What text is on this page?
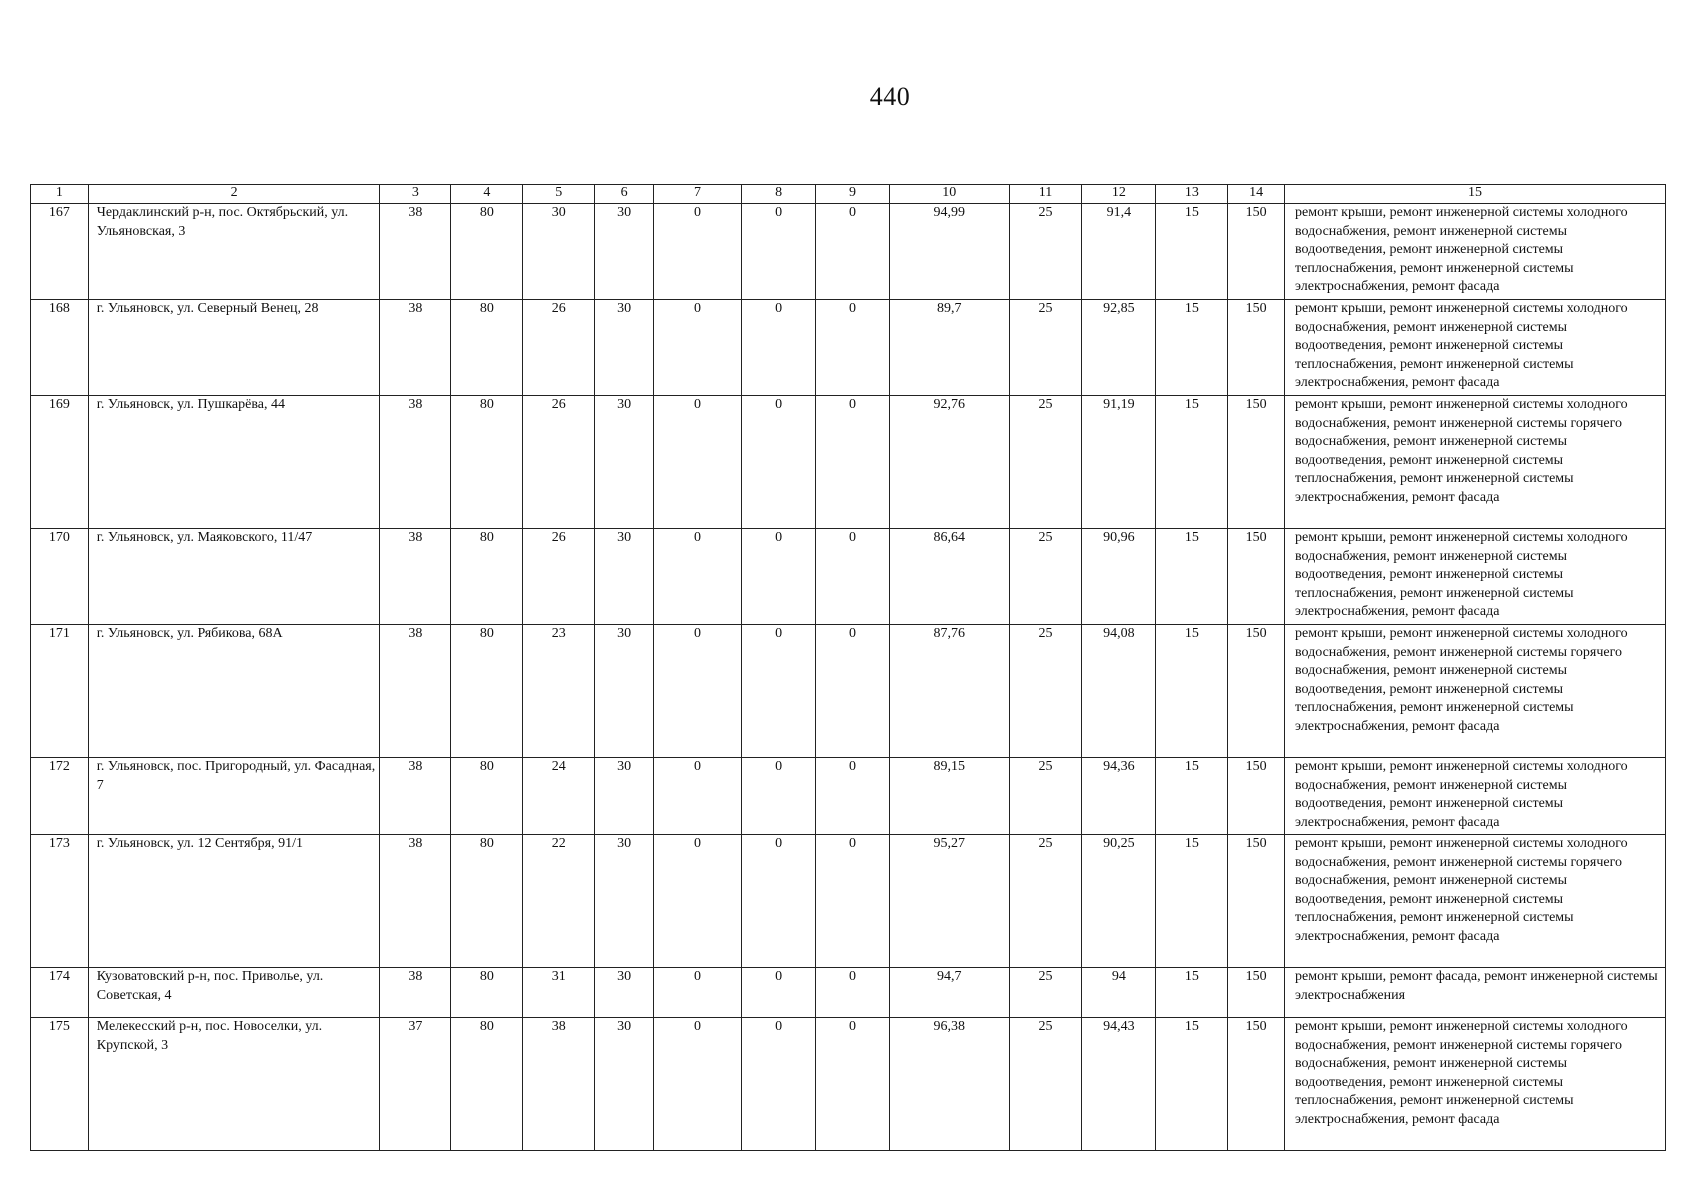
440
1	2	3	4	5	6	7	8	9	10	11	12	13	14	15
167	Чердаклинский р-н, пос. Октябрьский, ул. Ульяновская, 3	38	80	30	30	0	0	0	94,99	25	91,4	15	150	ремонт крыши, ремонт инженерной системы холодного водоснабжения, ремонт инженерной системы водоотведения, ремонт инженерной системы теплоснабжения, ремонт инженерной системы электроснабжения, ремонт фасада
168	г. Ульяновск, ул. Северный Венец, 28	38	80	26	30	0	0	0	89,7	25	92,85	15	150	ремонт крыши, ремонт инженерной системы холодного водоснабжения, ремонт инженерной системы водоотведения, ремонт инженерной системы теплоснабжения, ремонт инженерной системы электроснабжения, ремонт фасада
169	г. Ульяновск, ул. Пушкарёва, 44	38	80	26	30	0	0	0	92,76	25	91,19	15	150	ремонт крыши, ремонт инженерной системы холодного водоснабжения, ремонт инженерной системы горячего водоснабжения, ремонт инженерной системы водоотведения, ремонт инженерной системы теплоснабжения, ремонт инженерной системы электроснабжения, ремонт фасада
170	г. Ульяновск, ул. Маяковского, 11/47	38	80	26	30	0	0	0	86,64	25	90,96	15	150	ремонт крыши, ремонт инженерной системы холодного водоснабжения, ремонт инженерной системы водоотведения, ремонт инженерной системы теплоснабжения, ремонт инженерной системы электроснабжения, ремонт фасада
171	г. Ульяновск, ул. Рябикова, 68А	38	80	23	30	0	0	0	87,76	25	94,08	15	150	ремонт крыши, ремонт инженерной системы холодного водоснабжения, ремонт инженерной системы горячего водоснабжения, ремонт инженерной системы водоотведения, ремонт инженерной системы теплоснабжения, ремонт инженерной системы электроснабжения, ремонт фасада
172	г. Ульяновск, пос. Пригородный, ул. Фасадная, 7	38	80	24	30	0	0	0	89,15	25	94,36	15	150	ремонт крыши, ремонт инженерной системы холодного водоснабжения, ремонт инженерной системы водоотведения, ремонт инженерной системы электроснабжения, ремонт фасада
173	г. Ульяновск, ул. 12 Сентября, 91/1	38	80	22	30	0	0	0	95,27	25	90,25	15	150	ремонт крыши, ремонт инженерной системы холодного водоснабжения, ремонт инженерной системы горячего водоснабжения, ремонт инженерной системы водоотведения, ремонт инженерной системы теплоснабжения, ремонт инженерной системы электроснабжения, ремонт фасада
174	Кузоватовский р-н, пос. Приволье, ул. Советская, 4	38	80	31	30	0	0	0	94,7	25	94	15	150	ремонт крыши, ремонт фасада, ремонт инженерной системы электроснабжения
175	Мелекесский р-н, пос. Новоселки, ул. Крупской, 3	37	80	38	30	0	0	0	96,38	25	94,43	15	150	ремонт крыши, ремонт инженерной системы холодного водоснабжения, ремонт инженерной системы горячего водоснабжения, ремонт инженерной системы водоотведения, ремонт инженерной системы теплоснабжения, ремонт инженерной системы электроснабжения, ремонт фасада
